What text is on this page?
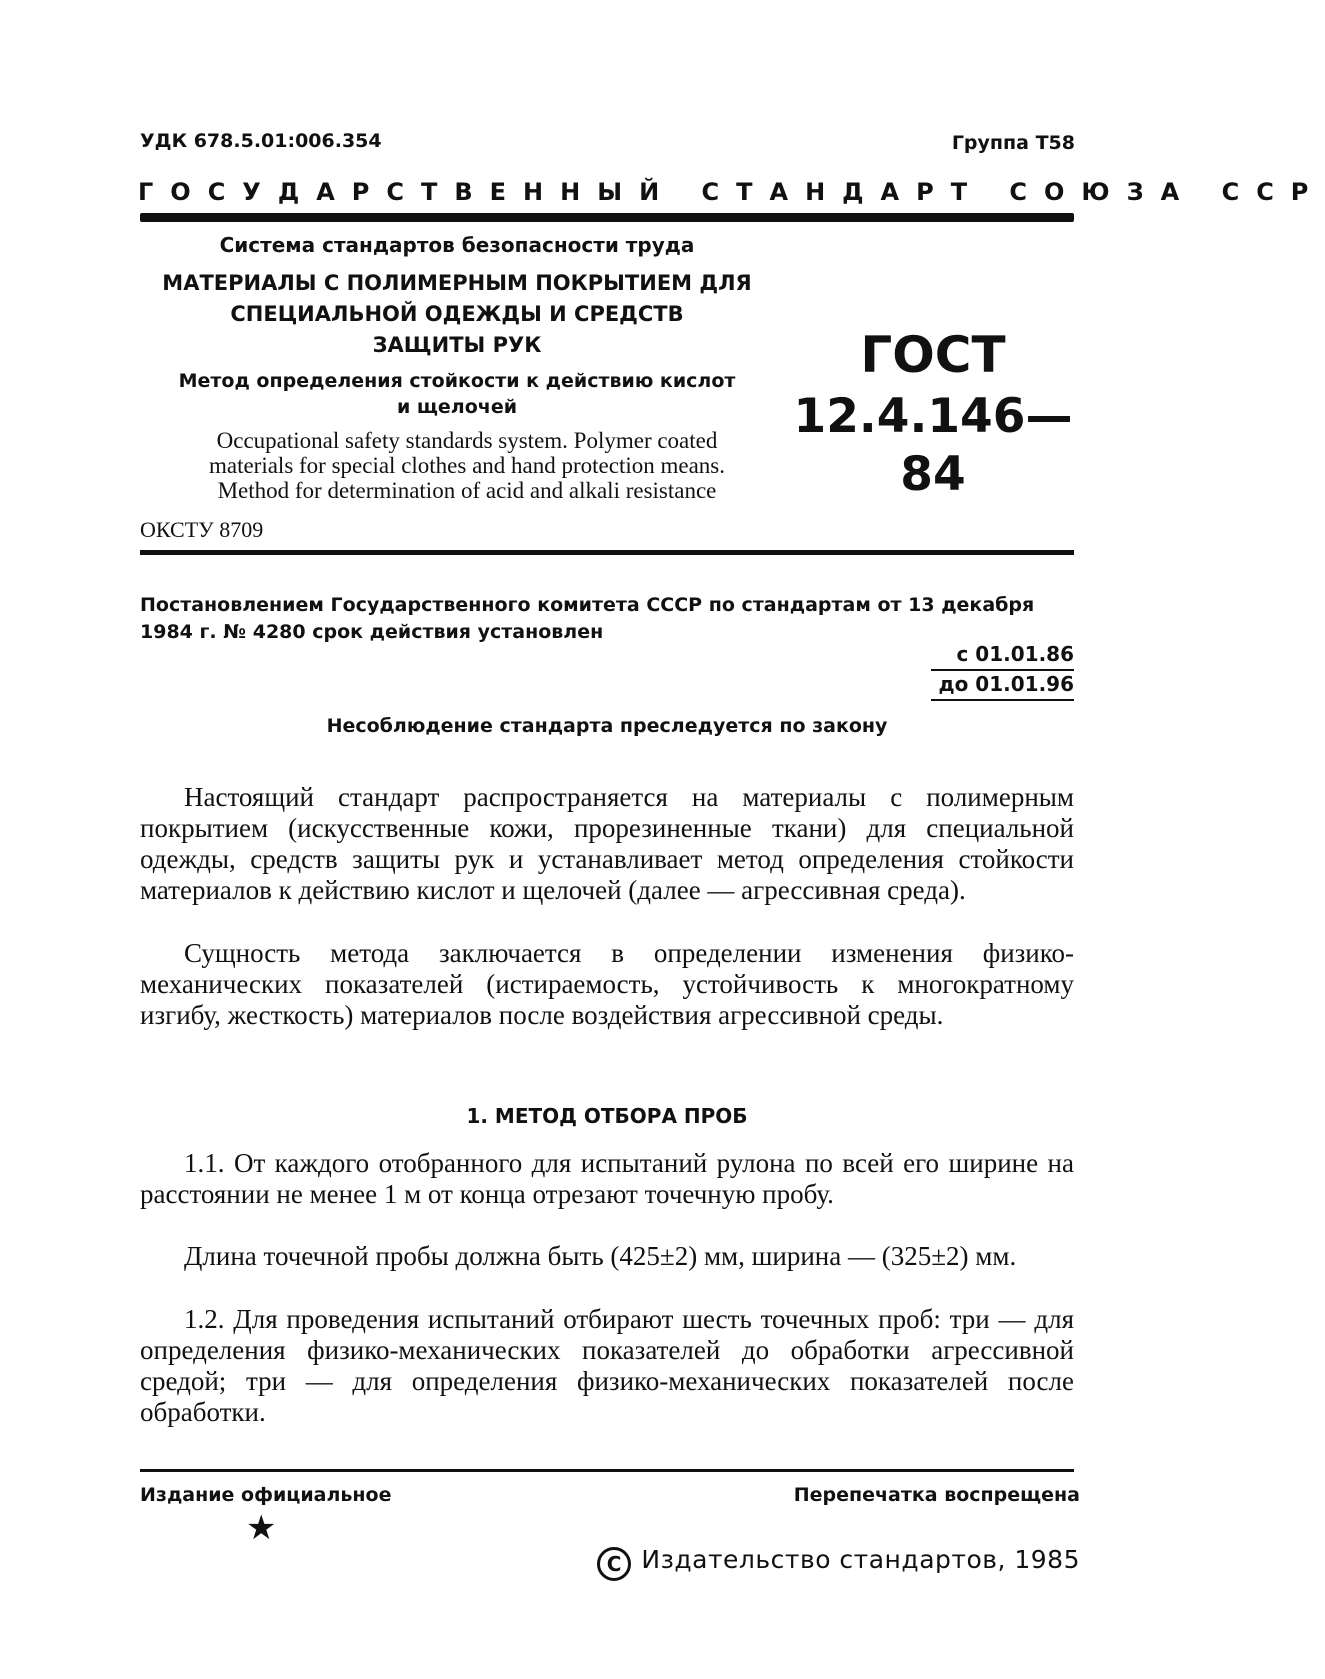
УДК 678.5.01:006.354	Группа Т58
ГОСУДАРСТВЕННЫЙ СТАНДАРТ СОЮЗА ССР
Система стандартов безопасности труда
МАТЕРИАЛЫ С ПОЛИМЕРНЫМ ПОКРЫТИЕМ ДЛЯ
СПЕЦИАЛЬНОЙ ОДЕЖДЫ И СРЕДСТВ
ЗАЩИТЫ РУК
Метод определения стойкости к действию кислот
и щелочей
Occupational safety standards system. Polymer coated
materials for special clothes and hand protection means.
Method for determination of acid and alkali resistance
ОКСТУ 8709
ГОСТ
12.4.146—84
Постановлением Государственного комитета СССР по стандартам от 13 декабря 1984 г. № 4280 срок действия установлен
с 01.01.86
до 01.01.96
Несоблюдение стандарта преследуется по закону

Настоящий стандарт распространяется на материалы с полимерным покрытием (искусственные кожи, прорезиненные ткани) для специальной одежды, средств защиты рук и устанавливает метод определения стойкости материалов к действию кислот и щелочей (далее — агрессивная среда).

Сущность метода заключается в определении изменения физико-механических показателей (истираемость, устойчивость к многократному изгибу, жесткость) материалов после воздействия агрессивной среды.

1. МЕТОД ОТБОРА ПРОБ

1.1. От каждого отобранного для испытаний рулона по всей его ширине на расстоянии не менее 1 м от конца отрезают точечную пробу.

Длина точечной пробы должна быть (425±2) мм, ширина — (325±2) мм.

1.2. Для проведения испытаний отбирают шесть точечных проб: три — для определения физико-механических показателей до обработки агрессивной средой; три — для определения физико-механических показателей после обработки.

Издание официальное	Перепечатка воспрещена
★
C Издательство стандартов, 1985
